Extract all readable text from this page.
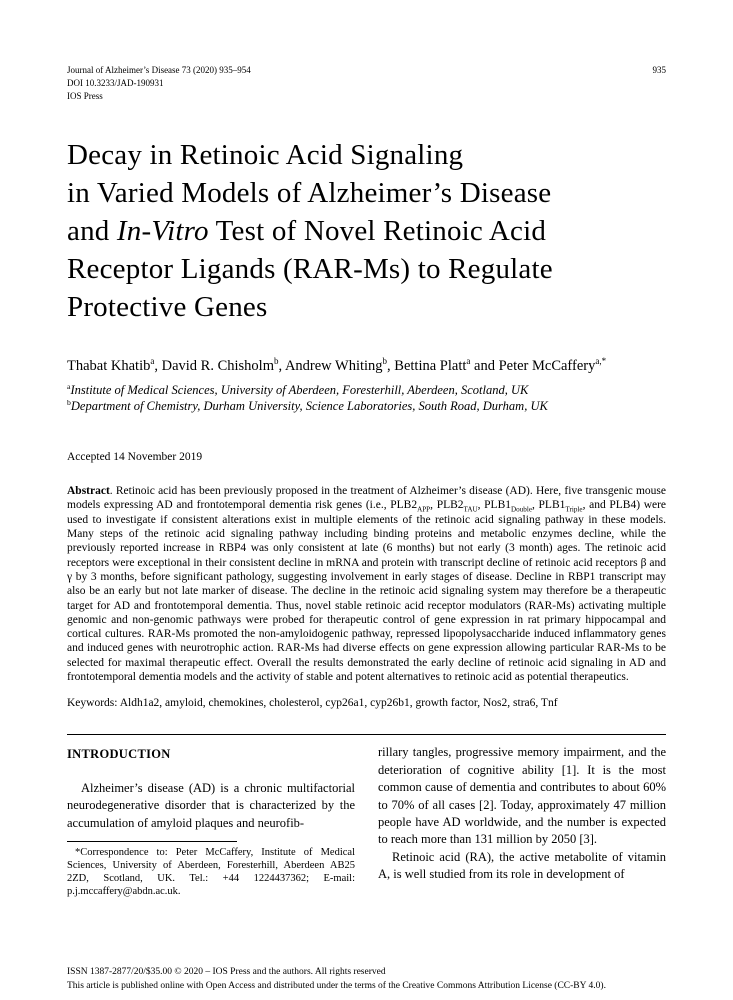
Journal of Alzheimer’s Disease 73 (2020) 935–954
DOI 10.3233/JAD-190931
IOS Press
935
Decay in Retinoic Acid Signaling
in Varied Models of Alzheimer’s Disease
and In-Vitro Test of Novel Retinoic Acid
Receptor Ligands (RAR-Ms) to Regulate
Protective Genes
Thabat Khatib$^a$, David R. Chisholm$^b$, Andrew Whiting$^b$, Bettina Platt$^a$ and Peter McCaffery$^{a,*}$
$^a$Institute of Medical Sciences, University of Aberdeen, Foresterhill, Aberdeen, Scotland, UK
$^b$Department of Chemistry, Durham University, Science Laboratories, South Road, Durham, UK
Accepted 14 November 2019

Abstract. Retinoic acid has been previously proposed in the treatment of Alzheimer’s disease (AD). Here, five transgenic mouse models expressing AD and frontotemporal dementia risk genes (i.e., $PLB2_{APP}$, $PLB2_{TAU}$, $PLB1_{Double}$, $PLB1_{Triple}$, and PLB4) were used to investigate if consistent alterations exist in multiple elements of the retinoic acid signaling pathway in these models. Many steps of the retinoic acid signaling pathway including binding proteins and metabolic enzymes decline, while the previously reported increase in RBP4 was only consistent at late (6 months) but not early (3 month) ages. The retinoic acid receptors were exceptional in their consistent decline in mRNA and protein with transcript decline of retinoic acid receptors β and γ by 3 months, before significant pathology, suggesting involvement in early stages of disease. Decline in RBP1 transcript may also be an early but not late marker of disease. The decline in the retinoic acid signaling system may therefore be a therapeutic target for AD and frontotemporal dementia. Thus, novel stable retinoic acid receptor modulators (RAR-Ms) activating multiple genomic and non-genomic pathways were probed for therapeutic control of gene expression in rat primary hippocampal and cortical cultures. RAR-Ms promoted the non-amyloidogenic pathway, repressed lipopolysaccharide induced inflammatory genes and induced genes with neurotrophic action. RAR-Ms had diverse effects on gene expression allowing particular RAR-Ms to be selected for maximal therapeutic effect. Overall the results demonstrated the early decline of retinoic acid signaling in AD and frontotemporal dementia models and the activity of stable and potent alternatives to retinoic acid as potential therapeutics.

Keywords: Aldh1a2, amyloid, chemokines, cholesterol, cyp26a1, cyp26b1, growth factor, Nos2, stra6, Tnf

INTRODUCTION

Alzheimer’s disease (AD) is a chronic multifactorial neurodegenerative disorder that is characterized by the accumulation of amyloid plaques and neurofib-

*Correspondence to: Peter McCaffery, Institute of Medical Sciences, University of Aberdeen, Foresterhill, Aberdeen AB25 2ZD, Scotland, UK. Tel.: +44 1224437362; E-mail: p.j.mccaffery@abdn.ac.uk.

rillary tangles, progressive memory impairment, and the deterioration of cognitive ability [1]. It is the most common cause of dementia and contributes to about 60% to 70% of all cases [2]. Today, approximately 47 million people have AD worldwide, and the number is expected to reach more than 131 million by 2050 [3].

Retinoic acid (RA), the active metabolite of vitamin A, is well studied from its role in development of

ISSN 1387-2877/20/$35.00 © 2020 – IOS Press and the authors. All rights reserved
This article is published online with Open Access and distributed under the terms of the Creative Commons Attribution License (CC-BY 4.0).
